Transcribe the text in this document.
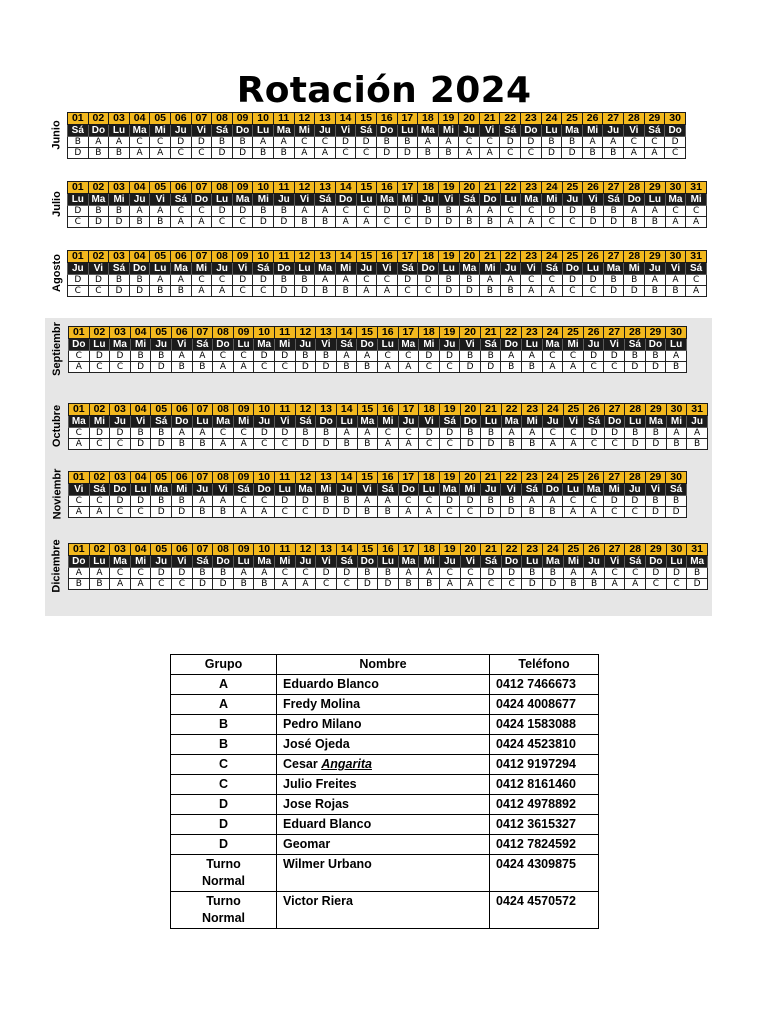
Rotación 2024
Junio
01	02	03	04	05	06	07	08	09	10	11	12	13	14	15	16	17	18	19	20	21	22	23	24	25	26	27	28	29	30
Sá	Do	Lu	Ma	Mi	Ju	Vi	Sá	Do	Lu	Ma	Mi	Ju	Vi	Sá	Do	Lu	Ma	Mi	Ju	Vi	Sá	Do	Lu	Ma	Mi	Ju	Vi	Sá	Do
B	A	A	C	C	D	D	B	B	A	A	C	C	D	D	B	B	A	A	C	C	D	D	B	B	A	A	C	C	D
D	B	B	A	A	C	C	D	D	B	B	A	A	C	C	D	D	B	B	A	A	C	C	D	D	B	B	A	A	C
Julio
01	02	03	04	05	06	07	08	09	10	11	12	13	14	15	16	17	18	19	20	21	22	23	24	25	26	27	28	29	30	31
Lu	Ma	Mi	Ju	Vi	Sá	Do	Lu	Ma	Mi	Ju	Vi	Sá	Do	Lu	Ma	Mi	Ju	Vi	Sá	Do	Lu	Ma	Mi	Ju	Vi	Sá	Do	Lu	Ma	Mi
D	B	B	A	A	C	C	D	D	B	B	A	A	C	C	D	D	B	B	A	A	C	C	D	D	B	B	A	A	C	C
C	D	D	B	B	A	A	C	C	D	D	B	B	A	A	C	C	D	D	B	B	A	A	C	C	D	D	B	B	A	A
Agosto 01	02	03	04	05	06	07	08	09	10	11	12	13	14	15	16	17	18	19	20	21	22	23	24	25	26	27	28	29	30	31
Ju	Vi	Sá	Do	Lu	Ma	Mi	Ju	Vi	Sá	Do	Lu	Ma	Mi	Ju	Vi	Sá	Do	Lu	Ma	Mi	Ju	Vi	Sá	Do	Lu	Ma	Mi	Ju	Vi	Sá
D	D	B	B	A	A	C	C	D	D	B	B	A	A	C	C	D	D	B	B	A	A	C	C	D	D	B	B	A	A	C
C	C	D	D	B	B	A	A	C	C	D	D	B	B	A	A	C	C	D	D	B	B	A	A	C	C	D	D	B	B	A
Septiembr 01	02	03	04	05	06	07	08	09	10	11	12	13	14	15	16	17	18	19	20	21	22	23	24	25	26	27	28	29	30
Do	Lu	Ma	Mi	Ju	Vi	Sá	Do	Lu	Ma	Mi	Ju	Vi	Sá	Do	Lu	Ma	Mi	Ju	Vi	Sá	Do	Lu	Ma	Mi	Ju	Vi	Sá	Do	Lu
C	D	D	B	B	A	A	C	C	D	D	B	B	A	A	C	C	D	D	B	B	A	A	C	C	D	D	B	B	A
A	C	C	D	D	B	B	A	A	C	C	D	D	B	B	A	A	C	C	D	D	B	B	A	A	C	C	D	D	B
Octubre 01	02	03	04	05	06	07	08	09	10	11	12	13	14	15	16	17	18	19	20	21	22	23	24	25	26	27	28	29	30	31
Ma	Mi	Ju	Vi	Sá	Do	Lu	Ma	Mi	Ju	Vi	Sá	Do	Lu	Ma	Mi	Ju	Vi	Sá	Do	Lu	Ma	Mi	Ju	Vi	Sá	Do	Lu	Ma	Mi	Ju
C	D	D	B	B	A	A	C	C	D	D	B	B	A	A	C	C	D	D	B	B	A	A	C	C	D	D	B	B	A	A
A	C	C	D	D	B	B	A	A	C	C	D	D	B	B	A	A	C	C	D	D	B	B	A	A	C	C	D	D	B	B
Noviembr 01	02	03	04	05	06	07	08	09	10	11	12	13	14	15	16	17	18	19	20	21	22	23	24	25	26	27	28	29	30
Vi	Sá	Do	Lu	Ma	Mi	Ju	Vi	Sá	Do	Lu	Ma	Mi	Ju	Vi	Sá	Do	Lu	Ma	Mi	Ju	Vi	Sá	Do	Lu	Ma	Mi	Ju	Vi	Sá
C	C	D	D	B	B	A	A	C	C	D	D	B	B	A	A	C	C	D	D	B	B	A	A	C	C	D	D	B	B
A	A	C	C	D	D	B	B	A	A	C	C	D	D	B	B	A	A	C	C	D	D	B	B	A	A	C	C	D	D
Diciembre 01	02	03	04	05	06	07	08	09	10	11	12	13	14	15	16	17	18	19	20	21	22	23	24	25	26	27	28	29	30	31
Do	Lu	Ma	Mi	Ju	Vi	Sá	Do	Lu	Ma	Mi	Ju	Vi	Sá	Do	Lu	Ma	Mi	Ju	Vi	Sá	Do	Lu	Ma	Mi	Ju	Vi	Sá	Do	Lu	Ma
A	A	C	C	D	D	B	B	A	A	C	C	D	D	B	B	A	A	C	C	D	D	B	B	A	A	C	C	D	D	B
B	B	A	A	C	C	D	D	B	B	A	A	C	C	D	D	B	B	A	A	C	C	D	D	B	B	A	A	C	C	D
Grupo	Nombre	Teléfono
A	Eduardo Blanco	0412 7466673
A	Fredy Molina	0424 4008677
B	Pedro Milano	0424 1583088
B	José Ojeda	0424 4523810
C	Cesar Angarita	0412 9197294
C	Julio Freites	0412 8161460
D	Jose Rojas	0412 4978892
D	Eduard Blanco	0412 3615327
D	Geomar	0412 7824592
Turno Normal	Wilmer Urbano	0424 4309875
Turno Normal	Victor Riera	0424 4570572
